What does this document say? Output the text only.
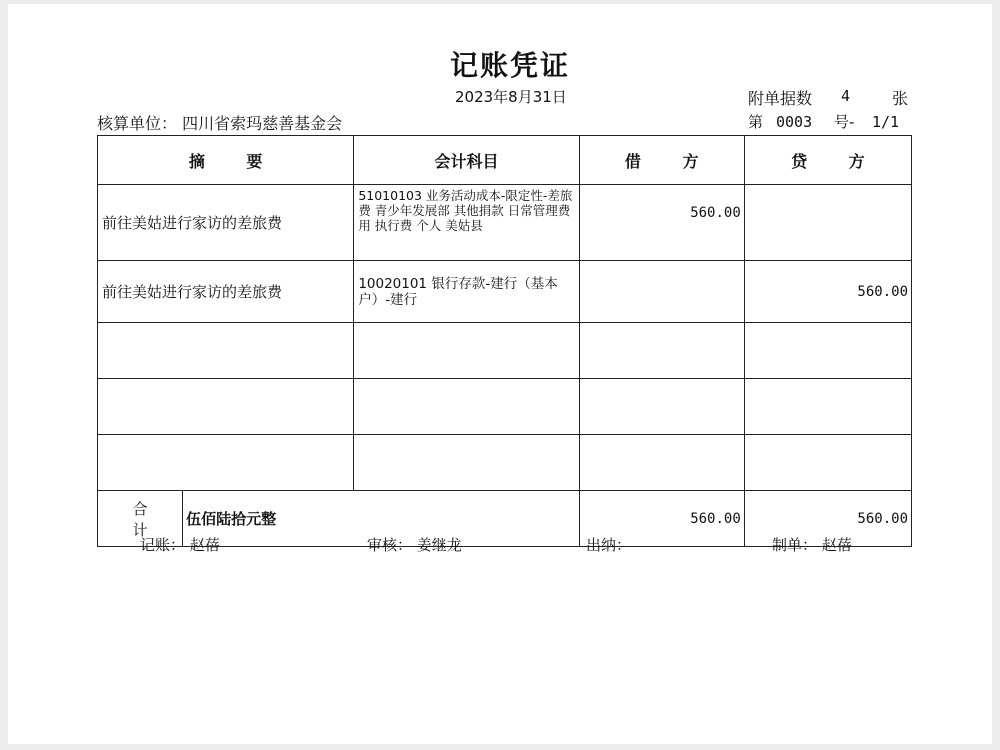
记账凭证
2023年8月31日	附单据数 4	张
核算单位： 四川省索玛慈善基金会	第 0003 号- 1/1
摘 要		会计科目	借 方	贷 方
前往美姑进行家访的差旅费		51010103 业务活动成本-限定性-差旅费 青少年发展部 其他捐款 日常管理费用 执行费 个人 美姑县	560.00	
前往美姑进行家访的差旅费		10020101 银行存款-建行（基本户）-建行		560.00

合 计	伍佰陆拾元整		560.00	560.00
记账： 赵蓓	审核： 姜继龙	出纳：	制单： 赵蓓
